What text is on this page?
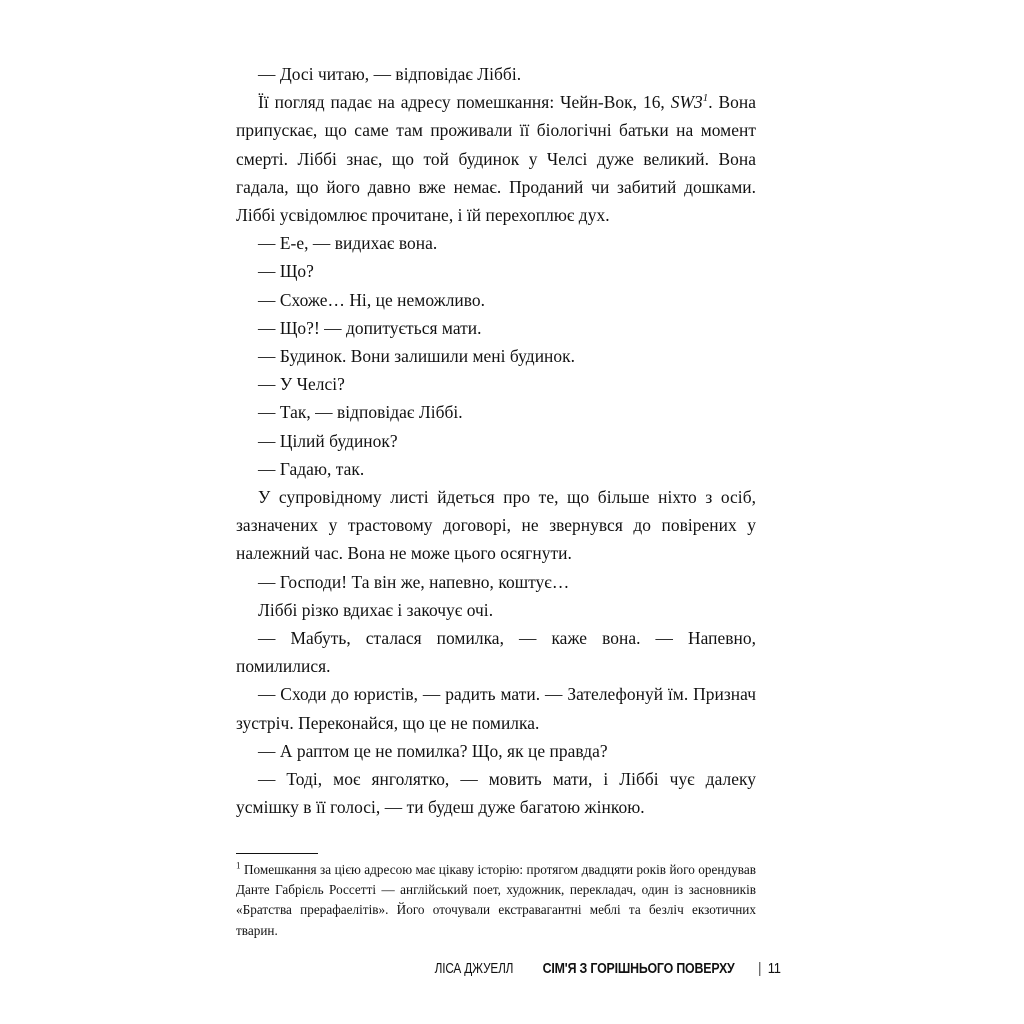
— Досі читаю, — відповідає Ліббі.

Її погляд падає на адресу помешкання: Чейн-Вок, 16, SW3$^1$. Вона припускає, що саме там проживали її біологічні батьки на момент смерті. Ліббі знає, що той будинок у Челсі дуже великий. Вона гадала, що його давно вже немає. Проданий чи забитий дошками. Ліббі усвідомлює прочитане, і їй перехоплює дух.

— Е-е, — видихає вона.

— Що?

— Схоже… Ні, це неможливо.

— Що?! — допитується мати.

— Будинок. Вони залишили мені будинок.

— У Челсі?

— Так, — відповідає Ліббі.

— Цілий будинок?

— Гадаю, так.

У супровідному листі йдеться про те, що більше ніхто з осіб, зазначених у трастовому договорі, не звернувся до повірених у належний час. Вона не може цього осягнути.

— Господи! Та він же, напевно, коштує…

Ліббі різко вдихає і закочує очі.

— Мабуть, сталася помилка, — каже вона. — Напевно, помилилися.

— Сходи до юристів, — радить мати. — Зателефонуй їм. Признач зустріч. Переконайся, що це не помилка.

— А раптом це не помилка? Що, як це правда?

— Тоді, моє янголятко, — мовить мати, і Ліббі чує далеку усмішку в її голосі, — ти будеш дуже багатою жінкою.

$^1$ Помешкання за цією адресою має цікаву історію: протягом двадцяти років його орендував Данте Габрієль Россетті — англійський поет, художник, перекладач, один із засновників «Братства прерафаелітів». Його оточували екстравагантні меблі та безліч екзотичних тварин.

ЛІСА ДЖУЕЛЛ СІМ'Я З ГОРІШНЬОГО ПОВЕРХУ | 11
